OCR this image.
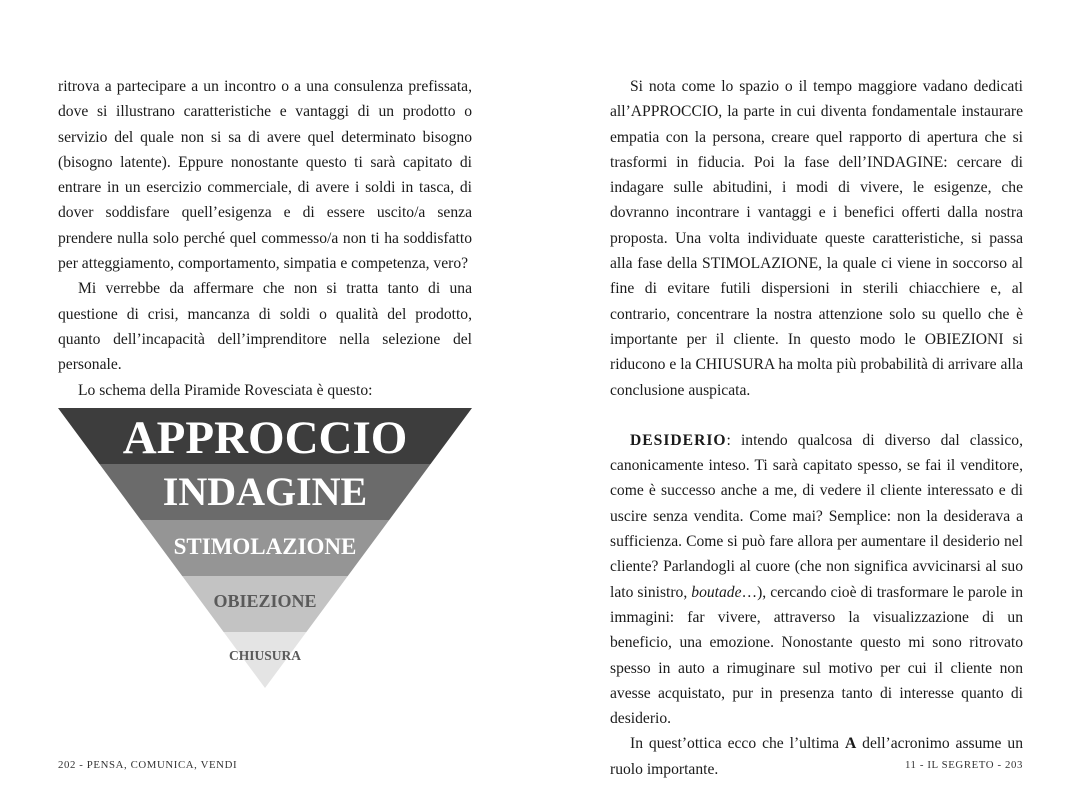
ritrova a partecipare a un incontro o a una consulenza prefissata, dove si illustrano caratteristiche e vantaggi di un prodotto o servizio del quale non si sa di avere quel determinato bisogno (bisogno latente). Eppure nonostante questo ti sarà capitato di entrare in un esercizio commerciale, di avere i soldi in tasca, di dover soddisfare quell’esigenza e di essere uscito/a senza prendere nulla solo perché quel commesso/a non ti ha soddisfatto per atteggiamento, comportamento, simpatia e competenza, vero?

Mi verrebbe da affermare che non si tratta tanto di una questione di crisi, mancanza di soldi o qualità del prodotto, quanto dell’incapacità dell’imprenditore nella selezione del personale.

Lo schema della Piramide Rovesciata è questo:

APPROCCIO
INDAGINE
STIMOLAZIONE
OBIEZIONE
CHIUSURA
202 - PENSA, COMUNICA, VENDI

Si nota come lo spazio o il tempo maggiore vadano dedicati all’APPROCCIO, la parte in cui diventa fondamentale instaurare empatia con la persona, creare quel rapporto di apertura che si trasformi in fiducia. Poi la fase dell’INDAGINE: cercare di indagare sulle abitudini, i modi di vivere, le esigenze, che dovranno incontrare i vantaggi e i benefici offerti dalla nostra proposta. Una volta individuate queste caratteristiche, si passa alla fase della STIMOLAZIONE, la quale ci viene in soccorso al fine di evitare futili dispersioni in sterili chiacchiere e, al contrario, concentrare la nostra attenzione solo su quello che è importante per il cliente. In questo modo le OBIEZIONI si riducono e la CHIUSURA ha molta più probabilità di arrivare alla conclusione auspicata.

DESIDERIO: intendo qualcosa di diverso dal classico, canonicamente inteso. Ti sarà capitato spesso, se fai il venditore, come è successo anche a me, di vedere il cliente interessato e di uscire senza vendita. Come mai? Semplice: non la desiderava a sufficienza. Come si può fare allora per aumentare il desiderio nel cliente? Parlandogli al cuore (che non significa avvicinarsi al suo lato sinistro, boutade…), cercando cioè di trasformare le parole in immagini: far vivere, attraverso la visualizzazione di un beneficio, una emozione. Nonostante questo mi sono ritrovato spesso in auto a rimuginare sul motivo per cui il cliente non avesse acquistato, pur in presenza tanto di interesse quanto di desiderio.

In quest’ottica ecco che l’ultima A dell’acronimo assume un ruolo importante.	11 - IL SEGRETO - 203
